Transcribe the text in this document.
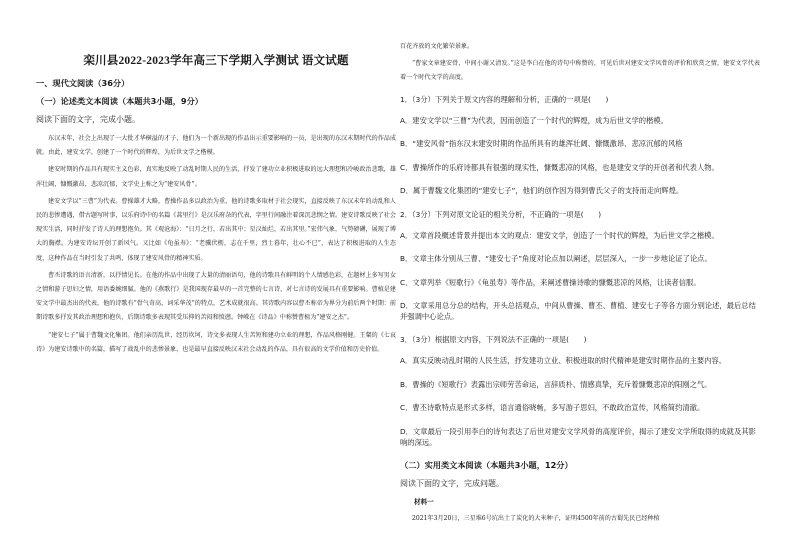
栾川县2022-2023学年高三下学期入学测试 语文试题
一、现代文阅读（36分）
（一）论述类文本阅读（本题共3小题，9分）
阅读下面的文字，完成小题。

东汉末年，社会上出现了一大批才华横溢的才子，他们为一个新出现的作品出示重要影响的一员，是出现的东汉末期时代的作品成就。由此，建安文学，创建了一个时代的辉煌，为后世文学之楷模。

建安时期的作品具有现实主义色彩，真实地反映了动乱时期人民的生活，抒发了建功立业积极进取的远大理想和冷峻政治悲歌，雄浑壮阔，慷慨激昂，悲凉沉郁，文学史上称之为“建安风骨”。

建安文学以“三曹”为代表。曹操雄才大略，曹操作品多以政治为重，他的诗歌多取材于社会现实，直接反映了东汉末年的动乱和人民的悲惨遭遇，借古题写时事，以乐府诗中的名篇《蒿里行》是汉乐府杂的代表，字里行间融注着深沉悲悯之情。建安诗歌反映了社会现实生活，同时抒发了诗人的理想抱负。其《观沧海》：“日月之行，若出其中；星汉灿烂，若出其里。”宏伟气象，气势磅礴，展现了博大的胸襟。为建安诗坛开创了新风气。又比如《龟虽寿》：“老骥伏枥，志在千里，烈士暮年，壮心不已”，表达了积极进取的人生态度，这种作品在当时引发了共鸣，体现了建安风骨的精神实质。

曹丕诗歌的语言清新，以抒情见长。在他的作品中出现了大量的清丽语句，他的诗歌具有鲜明的个人情感色彩，在题材上多写男女之情和游子思妇之情，用语委婉细腻。他的《燕歌行》是我国现存最早的一首完整的七言诗，对七言诗的发展具有重要影响。曹植是建安文学中最杰出的代表，他的诗歌有“骨气奇高，词采华茂”的特点，艺术成就很高。其诗歌内容以曹丕称帝为界分为前后两个时期：前期诗歌多抒发其政治理想和抱负，后期诗歌多表现其受压抑的苦闷和愤懑。钟嵘在《诗品》中称赞曹植为“建安之杰”。

“建安七子”属于曹魏文化集团。他们亲历乱世，经历坎坷，诗文多表现人生苦短和建功立业的理想，作品风格刚健。王粲的《七哀诗》为建安诗歌中的名篇，描写了战乱中的悲惨景象，也是最早直接反映汉末社会动乱的作品，具有很高的文学价值和历史价值。

百花齐放的文化繁荣景象。

“曹家文章建安骨，中间小谢又清发。”这是李白在他的诗句中称赞的，可见后世对建安文学风骨的评价和欣赏之情，建安文学代表着一个时代文学的高度。

1．（3分）下列关于原文内容的理解和分析，正确的一项是(　　)
A．建安文学以“三曹”为代表，因而创造了一个时代的辉煌，成为后世文学的楷模。
B．“建安风骨”指东汉末建安时期的作品所具有的雄浑壮阔、慷慨激昂、悲凉沉郁的风格
C．曹操所作的乐府诗都具有很强的现实性，慷慨悲凉的风格，也是建安文学的开创者和代表人物。
D．属于曹魏文化集团的“建安七子”，他们的创作因为得到曹氏父子的支持而走向辉煌。
2．（3分）下列对原文论证的相关分析，不正确的一项是(　　)
A．文章首段概述背景并提出本文的观点：建安文学，创造了一个时代的辉煌，为后世文学之楷模。
B．文章主体分别从三曹、“建安七子”角度对论点加以阐述，层层深入，一步一步地论证了论点。
C．文章列举《短歌行》《龟虽寿》等作品，来阐述曹操诗歌的慷慨悲凉的风格，让读者信服。
D．文章采用总分总的结构，开头总括观点，中间从曹操、曹丕、曹植、建安七子等各方面分别论述，最后总结并强调中心论点。
3．（3分）根据原文内容，下列说法不正确的一项是(　　)
A．真实反映动乱时期的人民生活，抒发建功立业、积极进取的时代精神是建安时期作品的主要内容。
B．曹操的《短歌行》表露出宗师劳苦命运，言辞质朴、情感真挚，充斥着慷慨悲凉的阳刚之气。
C．曹丕诗歌特点是形式多样，语言通俗晓畅，多写游子思妇，不敢政治宣传，风格简约清澈。
D．文章最后一段引用李白的诗句表达了后世对建安文学风骨的高度评价，揭示了建安文学所取得的成就及其影响的深远。
（二）实用类文本阅读（本题共3小题，12分）
阅读下面的文字，完成问题。
材料一

2021年3月20日，三星堆6号坑出土了炭化的大米种子，证明4500年前的古蜀先民已经种植
